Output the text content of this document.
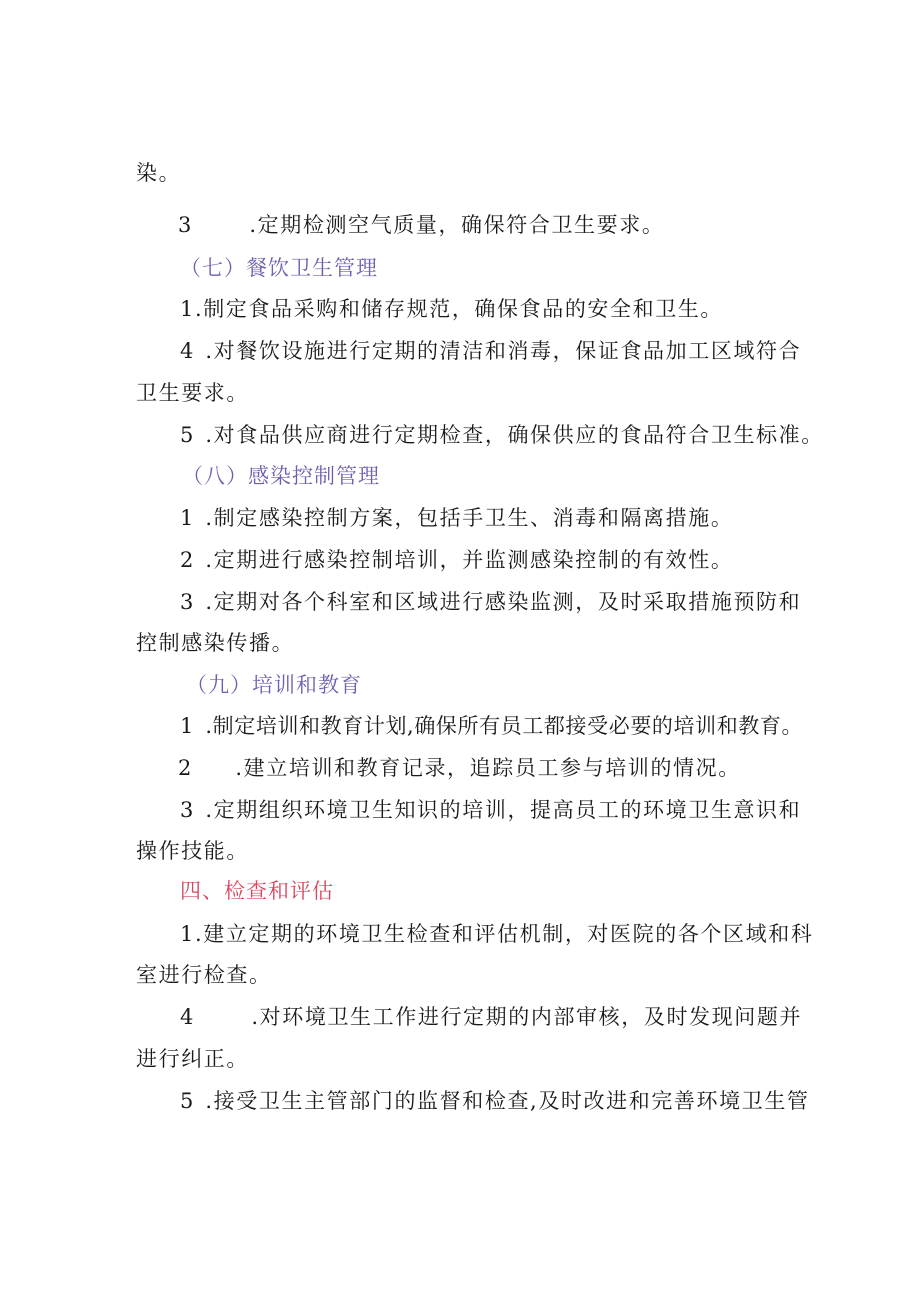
染。
3	.定期检测空气质量，确保符合卫生要求。
（七）餐饮卫生管理
1.制定食品采购和储存规范，确保食品的安全和卫生。
4 .对餐饮设施进行定期的清洁和消毒，保证食品加工区域符合
卫生要求。
5 .对食品供应商进行定期检查，确保供应的食品符合卫生标准。
（八）感染控制管理
1 .制定感染控制方案，包括手卫生、消毒和隔离措施。
2 .定期进行感染控制培训，并监测感染控制的有效性。
3 .定期对各个科室和区域进行感染监测，及时采取措施预防和
控制感染传播。
（九）培训和教育
1 .制定培训和教育计划,确保所有员工都接受必要的培训和教育。
2 .建立培训和教育记录，追踪员工参与培训的情况。
3 .定期组织环境卫生知识的培训，提高员工的环境卫生意识和
操作技能。
四、检查和评估
1.建立定期的环境卫生检查和评估机制，对医院的各个区域和科
室进行检查。
4	.对环境卫生工作进行定期的内部审核，及时发现问题并
进行纠正。
5 .接受卫生主管部门的监督和检查,及时改进和完善环境卫生管
